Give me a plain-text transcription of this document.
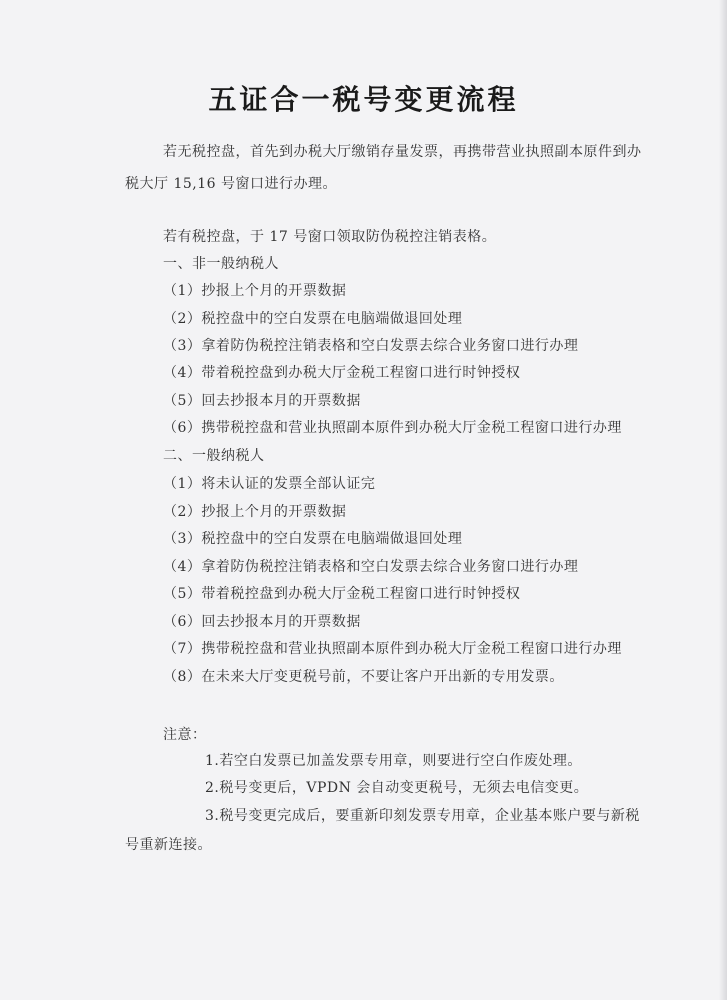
五证合一税号变更流程
若无税控盘，首先到办税大厅缴销存量发票，再携带营业执照副本原件到办
税大厅 15,16 号窗口进行办理。
若有税控盘，于 17 号窗口领取防伪税控注销表格。
一、非一般纳税人
（1）抄报上个月的开票数据
（2）税控盘中的空白发票在电脑端做退回处理
（3）拿着防伪税控注销表格和空白发票去综合业务窗口进行办理
（4）带着税控盘到办税大厅金税工程窗口进行时钟授权
（5）回去抄报本月的开票数据
（6）携带税控盘和营业执照副本原件到办税大厅金税工程窗口进行办理
二、一般纳税人
（1）将未认证的发票全部认证完
（2）抄报上个月的开票数据
（3）税控盘中的空白发票在电脑端做退回处理
（4）拿着防伪税控注销表格和空白发票去综合业务窗口进行办理
（5）带着税控盘到办税大厅金税工程窗口进行时钟授权
（6）回去抄报本月的开票数据
（7）携带税控盘和营业执照副本原件到办税大厅金税工程窗口进行办理
（8）在未来大厅变更税号前，不要让客户开出新的专用发票。
注意：
1.若空白发票已加盖发票专用章，则要进行空白作废处理。
2.税号变更后，VPDN 会自动变更税号，无须去电信变更。
3.税号变更完成后，要重新印刻发票专用章，企业基本账户要与新税
号重新连接。
